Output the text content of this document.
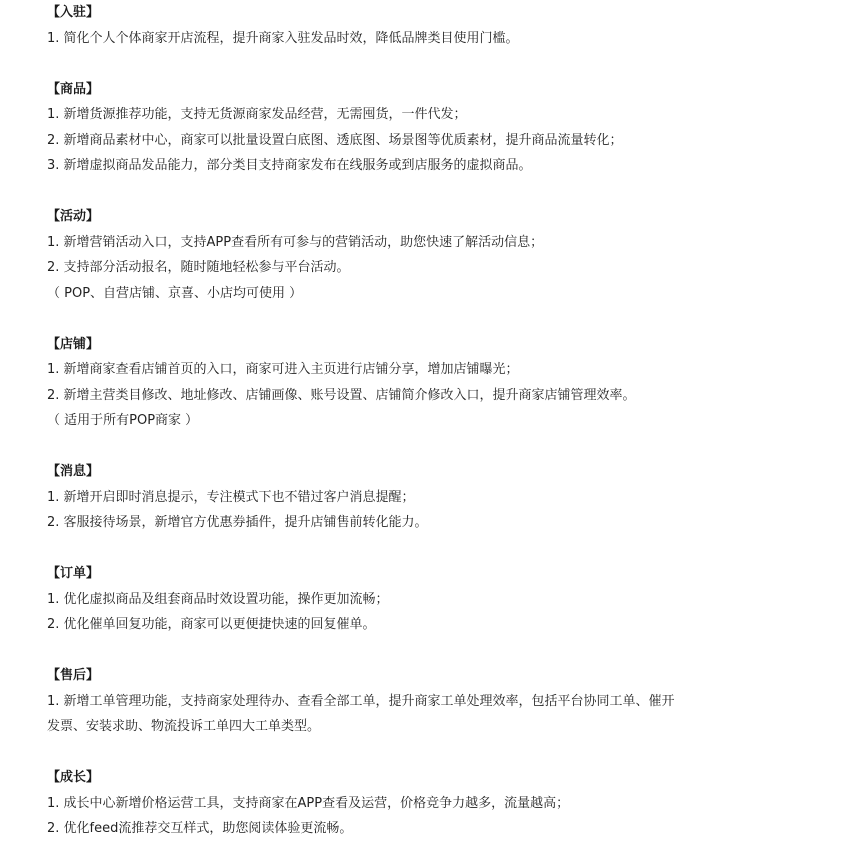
【入驻】
1. 简化个人个体商家开店流程，提升商家入驻发品时效，降低品牌类目使用门槛。
【商品】
1. 新增货源推荐功能，支持无货源商家发品经营，无需囤货，一件代发；
2. 新增商品素材中心，商家可以批量设置白底图、透底图、场景图等优质素材，提升商品流量转化；
3. 新增虚拟商品发品能力，部分类目支持商家发布在线服务或到店服务的虚拟商品。
【活动】
1. 新增营销活动入口，支持APP查看所有可参与的营销活动，助您快速了解活动信息；
2. 支持部分活动报名，随时随地轻松参与平台活动。
（ POP、自营店铺、京喜、小店均可使用 ）
【店铺】
1. 新增商家查看店铺首页的入口，商家可进入主页进行店铺分享，增加店铺曝光；
2. 新增主营类目修改、地址修改、店铺画像、账号设置、店铺简介修改入口，提升商家店铺管理效率。
（ 适用于所有POP商家 ）
【消息】
1. 新增开启即时消息提示，专注模式下也不错过客户消息提醒；
2. 客服接待场景，新增官方优惠券插件，提升店铺售前转化能力。
【订单】
1. 优化虚拟商品及组套商品时效设置功能，操作更加流畅；
2. 优化催单回复功能，商家可以更便捷快速的回复催单。
【售后】
1. 新增工单管理功能，支持商家处理待办、查看全部工单，提升商家工单处理效率，包括平台协同工单、催开
发票、安装求助、物流投诉工单四大工单类型。
【成长】
1. 成长中心新增价格运营工具，支持商家在APP查看及运营，价格竞争力越多，流量越高；
2. 优化feed流推荐交互样式，助您阅读体验更流畅。
